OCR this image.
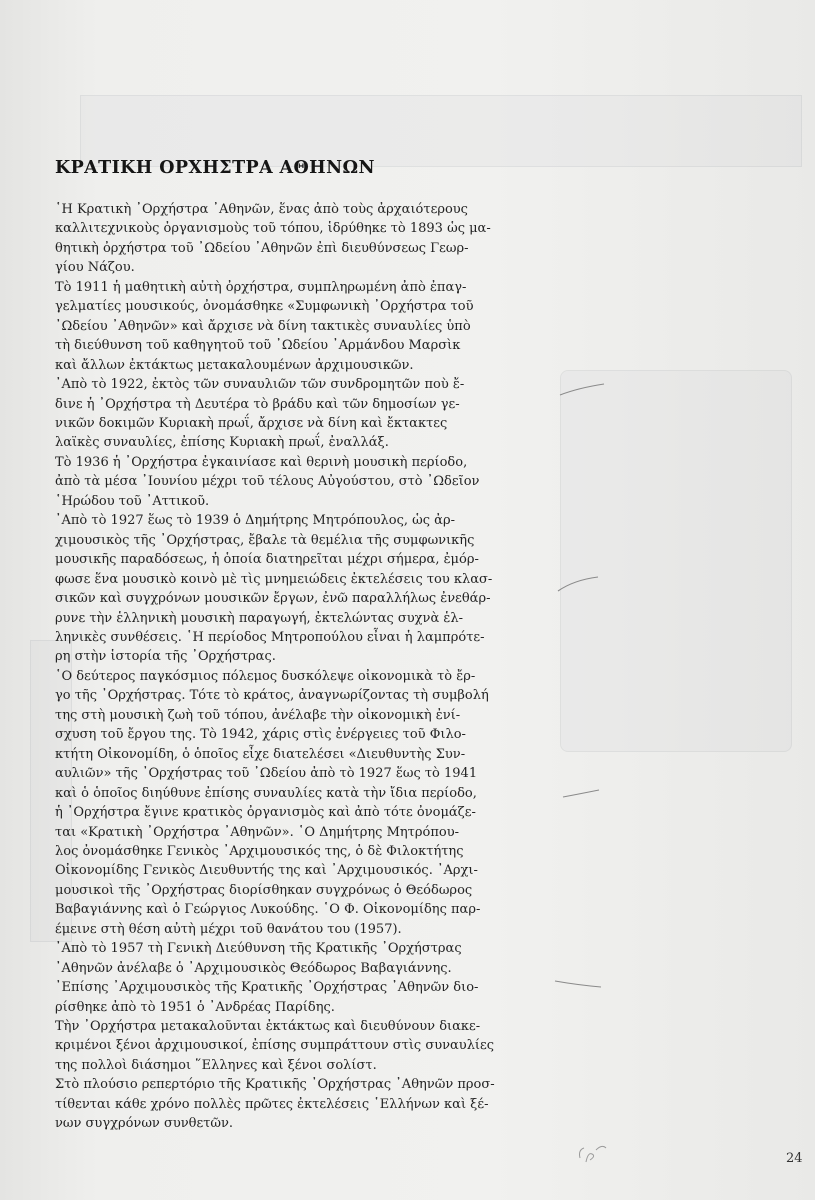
ΚΡΑΤΙΚΗ ΟΡΧΗΣΤΡΑ ΑΘΗΝΩΝ

῾Η Κρατικὴ ᾿Ορχήστρα ᾿Αθηνῶν, ἕνας ἀπὸ τοὺς ἀρχαιότερους

καλλιτεχνικοὺς ὀργανισμοὺς τοῦ τόπου, ἱδρύθηκε τὸ 1893 ὡς μα-

θητικὴ ὀρχήστρα τοῦ ᾿Ωδείου ᾿Αθηνῶν ἐπὶ διευθύνσεως Γεωρ-

γίου Νάζου.

Τὸ 1911 ἡ μαθητικὴ αὐτὴ ὀρχήστρα, συμπληρωμένη ἀπὸ ἐπαγ-

γελματίες μουσικούς, ὀνομάσθηκε «Συμφωνικὴ ᾿Ορχήστρα τοῦ

᾿Ωδείου ᾿Αθηνῶν» καὶ ἄρχισε νὰ δίνη τακτικὲς συναυλίες ὑπὸ

τὴ διεύθυνση τοῦ καθηγητοῦ τοῦ ᾿Ωδείου ᾿Αρμάνδου Μαρσὶκ

καὶ ἄλλων ἐκτάκτως μετακαλουμένων ἀρχιμουσικῶν.

᾿Απὸ τὸ 1922, ἐκτὸς τῶν συναυλιῶν τῶν συνδρομητῶν ποὺ ἔ-

δινε ἡ ᾿Ορχήστρα τὴ Δευτέρα τὸ βράδυ καὶ τῶν δημοσίων γε-

νικῶν δοκιμῶν Κυριακὴ πρωΐ, ἄρχισε νὰ δίνη καὶ ἔκτακτες

λαϊκὲς συναυλίες, ἐπίσης Κυριακὴ πρωΐ, ἐναλλάξ.

Τὸ 1936 ἡ ᾿Ορχήστρα ἐγκαινίασε καὶ θερινὴ μουσικὴ περίοδο,

ἀπὸ τὰ μέσα ᾿Ιουνίου μέχρι τοῦ τέλους Αὐγούστου, στὸ ᾿Ωδεῖον

῾Ηρώδου τοῦ ᾿Αττικοῦ.

᾿Απὸ τὸ 1927 ἕως τὸ 1939 ὁ Δημήτρης Μητρόπουλος, ὡς ἀρ-

χιμουσικὸς τῆς ᾿Ορχήστρας, ἔβαλε τὰ θεμέλια τῆς συμφωνικῆς

μουσικῆς παραδόσεως, ἡ ὁποία διατηρεῖται μέχρι σήμερα, ἐμόρ-

φωσε ἕνα μουσικὸ κοινὸ μὲ τὶς μνημειώδεις ἐκτελέσεις του κλασ-

σικῶν καὶ συγχρόνων μουσικῶν ἔργων, ἐνῶ παραλλήλως ἐνεθάρ-

ρυνε τὴν ἑλληνικὴ μουσικὴ παραγωγή, ἐκτελώντας συχνὰ ἑλ-

ληνικὲς συνθέσεις. ῾Η περίοδος Μητροπούλου εἶναι ἡ λαμπρότε-

ρη στὴν ἱστορία τῆς ᾿Ορχήστρας.

῾Ο δεύτερος παγκόσμιος πόλεμος δυσκόλεψε οἰκονομικὰ τὸ ἔρ-

γο τῆς ᾿Ορχήστρας. Τότε τὸ κράτος, ἀναγνωρίζοντας τὴ συμβολή

της στὴ μουσικὴ ζωὴ τοῦ τόπου, ἀνέλαβε τὴν οἰκονομικὴ ἐνί-

σχυση τοῦ ἔργου της. Τὸ 1942, χάρις στὶς ἐνέργειες τοῦ Φιλο-

κτήτη Οἰκονομίδη, ὁ ὁποῖος εἶχε διατελέσει «Διευθυντὴς Συν-

αυλιῶν» τῆς ᾿Ορχήστρας τοῦ ᾿Ωδείου ἀπὸ τὸ 1927 ἕως τὸ 1941

καὶ ὁ ὁποῖος διηύθυνε ἐπίσης συναυλίες κατὰ τὴν ἴδια περίοδο,

ἡ ᾿Ορχήστρα ἔγινε κρατικὸς ὀργανισμὸς καὶ ἀπὸ τότε ὀνομάζε-

ται «Κρατικὴ ᾿Ορχήστρα ᾿Αθηνῶν». ῾Ο Δημήτρης Μητρόπου-

λος ὀνομάσθηκε Γενικὸς ᾿Αρχιμουσικός της, ὁ δὲ Φιλοκτήτης

Οἰκονομίδης Γενικὸς Διευθυντής της καὶ ᾿Αρχιμουσικός. ᾿Αρχι-

μουσικοὶ τῆς ᾿Ορχήστρας διορίσθηκαν συγχρόνως ὁ Θεόδωρος

Βαβαγιάννης καὶ ὁ Γεώργιος Λυκούδης. ῾Ο Φ. Οἰκονομίδης παρ-

έμεινε στὴ θέση αὐτὴ μέχρι τοῦ θανάτου του (1957).

᾿Απὸ τὸ 1957 τὴ Γενικὴ Διεύθυνση τῆς Κρατικῆς ᾿Ορχήστρας

᾿Αθηνῶν ἀνέλαβε ὁ ᾿Αρχιμουσικὸς Θεόδωρος Βαβαγιάννης.

᾿Επίσης ᾿Αρχιμουσικὸς τῆς Κρατικῆς ᾿Ορχήστρας ᾿Αθηνῶν διο-

ρίσθηκε ἀπὸ τὸ 1951 ὁ ᾿Ανδρέας Παρίδης.

Τὴν ᾿Ορχήστρα μετακαλοῦνται ἐκτάκτως καὶ διευθύνουν διακε-

κριμένοι ξένοι ἀρχιμουσικοί, ἐπίσης συμπράττουν στὶς συναυλίες

της πολλοὶ διάσημοι ῞Ελληνες καὶ ξένοι σολίστ.

Στὸ πλούσιο ρεπερτόριο τῆς Κρατικῆς ᾿Ορχήστρας ᾿Αθηνῶν προσ-

τίθενται κάθε χρόνο πολλὲς πρῶτες ἐκτελέσεις ῾Ελλήνων καὶ ξέ-

νων συγχρόνων συνθετῶν.

24
